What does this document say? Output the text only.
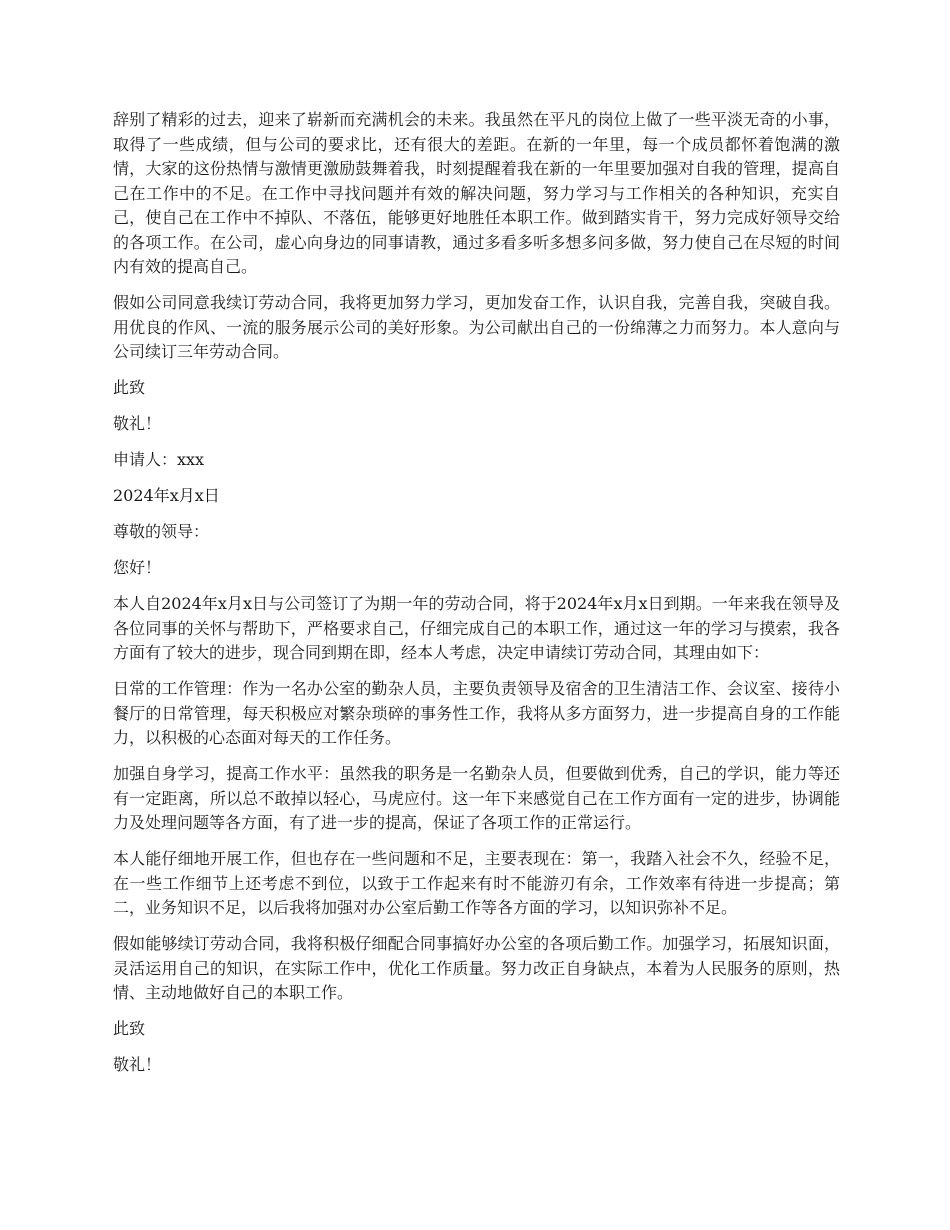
辞别了精彩的过去，迎来了崭新而充满机会的未来。我虽然在平凡的岗位上做了一些平淡无奇的小事，取得了一些成绩，但与公司的要求比，还有很大的差距。在新的一年里，每一个成员都怀着饱满的激情，大家的这份热情与激情更激励鼓舞着我，时刻提醒着我在新的一年里要加强对自我的管理，提高自己在工作中的不足。在工作中寻找问题并有效的解决问题，努力学习与工作相关的各种知识，充实自己，使自己在工作中不掉队、不落伍，能够更好地胜任本职工作。做到踏实肯干，努力完成好领导交给的各项工作。在公司，虚心向身边的同事请教，通过多看多听多想多问多做，努力使自己在尽短的时间内有效的提高自己。

假如公司同意我续订劳动合同，我将更加努力学习，更加发奋工作，认识自我，完善自我，突破自我。用优良的作风、一流的服务展示公司的美好形象。为公司献出自己的一份绵薄之力而努力。本人意向与公司续订三年劳动合同。

此致

敬礼！

申请人：xxx

2024年x月x日

尊敬的领导：

您好！

本人自2024年x月x日与公司签订了为期一年的劳动合同，将于2024年x月x日到期。一年来我在领导及各位同事的关怀与帮助下，严格要求自己，仔细完成自己的本职工作，通过这一年的学习与摸索，我各方面有了较大的进步，现合同到期在即，经本人考虑，决定申请续订劳动合同，其理由如下：

日常的工作管理：作为一名办公室的勤杂人员，主要负责领导及宿舍的卫生清洁工作、会议室、接待小餐厅的日常管理，每天积极应对繁杂琐碎的事务性工作，我将从多方面努力，进一步提高自身的工作能力，以积极的心态面对每天的工作任务。

加强自身学习，提高工作水平：虽然我的职务是一名勤杂人员，但要做到优秀，自己的学识，能力等还有一定距离，所以总不敢掉以轻心，马虎应付。这一年下来感觉自己在工作方面有一定的进步，协调能力及处理问题等各方面，有了进一步的提高，保证了各项工作的正常运行。

本人能仔细地开展工作，但也存在一些问题和不足，主要表现在：第一，我踏入社会不久，经验不足，在一些工作细节上还考虑不到位，以致于工作起来有时不能游刃有余，工作效率有待进一步提高；第二，业务知识不足，以后我将加强对办公室后勤工作等各方面的学习，以知识弥补不足。

假如能够续订劳动合同，我将积极仔细配合同事搞好办公室的各项后勤工作。加强学习，拓展知识面，灵活运用自己的知识，在实际工作中，优化工作质量。努力改正自身缺点，本着为人民服务的原则，热情、主动地做好自己的本职工作。

此致

敬礼！
